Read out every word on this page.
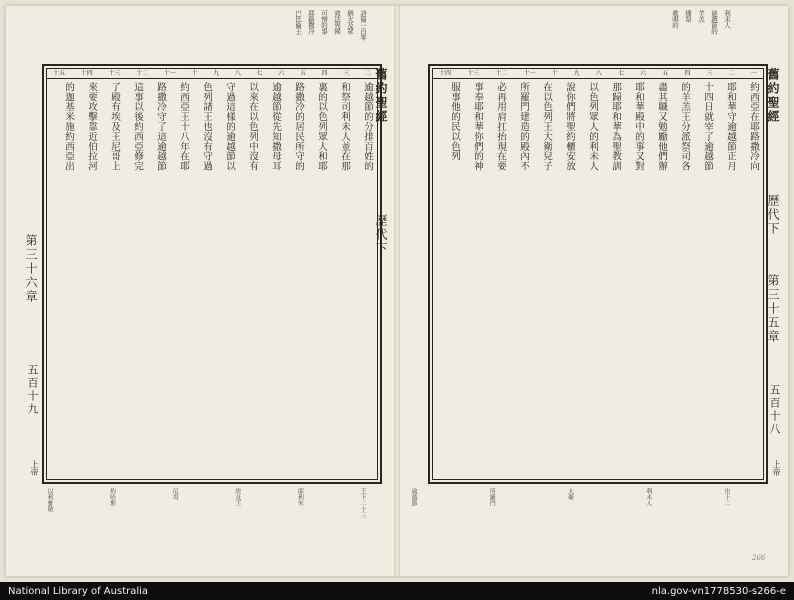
詩篇一百零
猶大及眾
效法列國
可憎的事
耶路撒冷
巴比倫王
上帝
五百十九
第三十六章
二
三
四
五
六
七
八
九
十
十一
十二
十三
十四
十五
逾越節的分排百姓的
和祭司利未人並在那
裏的以色列眾人和耶
路撒冷的居民所守的
逾越節從先知撒母耳
以來在以色列中沒有
守過這樣的逾越節以
色列諸王也沒有守過
約西亞王十八年在耶
路撒冷守了這逾越節
這事以後約西亞修完
了殿有埃及王尼哥上
來要攻擊靠近伯拉河
的迦基米施約西亞出	舊約聖經
歷代下
王下二十三
耶利米
埃及王
尼哥
約哈斯
以利雅敬
利未人
逾越節的
羊羔
燔祭
歌唱的
一
二
三
四
五
六
七
八
九
十
十一
十二
十三
十四
約西亞在耶路撒冷向
耶和華守逾越節正月
十四日就宰了逾越節
的羊羔王分派祭司各
盡其職又勉勵他們辦
耶和華殿中的事又對
那歸耶和華為聖教訓
以色列眾人的利未人
說你們將聖約櫃安放
在以色列王大衛兒子
所羅門建造的殿內不
必再用肩扛抬現在要
事奉耶和華你們的神
服事他的民以色列	舊約聖經
歷代下
第三十五章
五百十八
上帝
出十二
利未人
大衛
所羅門
逾越節
266
National Library of Australia	nla.gov-vn1778530-s266-e
